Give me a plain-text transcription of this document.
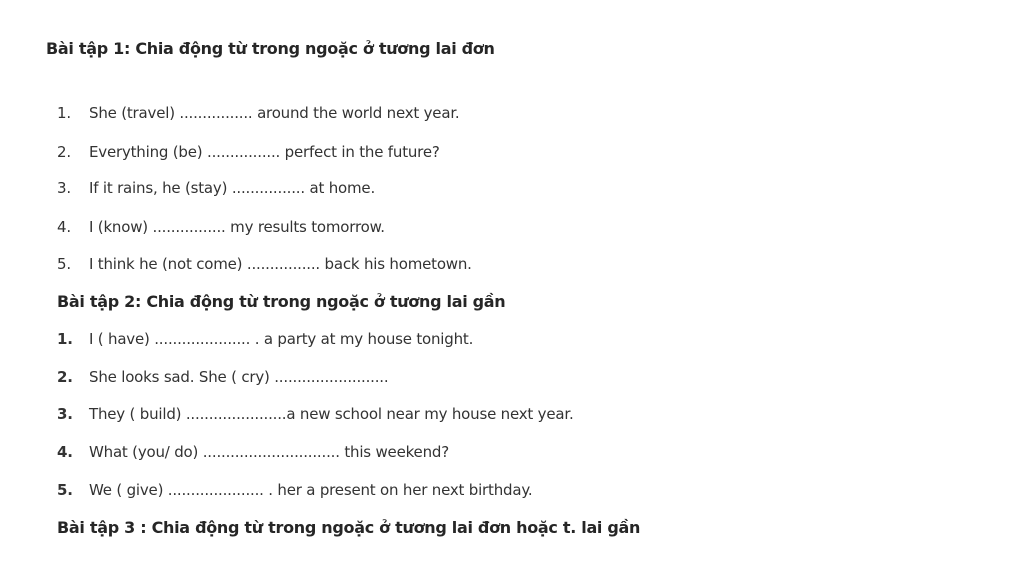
Bài tập 1: Chia động từ trong ngoặc ở tương lai đơn
1. She (travel) ................ around the world next year.
2. Everything (be) ................ perfect in the future?
3. If it rains, he (stay) ................ at home.
4. I (know) ................ my results tomorrow.
5. I think he (not come) ................ back his hometown.
Bài tập 2: Chia động từ trong ngoặc ở tương lai gần
1. I ( have) ..................... . a party at my house tonight.
2. She looks sad. She ( cry) .........................
3. They ( build) ......................a new school near my house next year.
4. What (you/ do) .............................. this weekend?
5. We ( give) ..................... . her a present on her next birthday.
Bài tập 3 : Chia động từ trong ngoặc ở tương lai đơn hoặc t. lai gần
